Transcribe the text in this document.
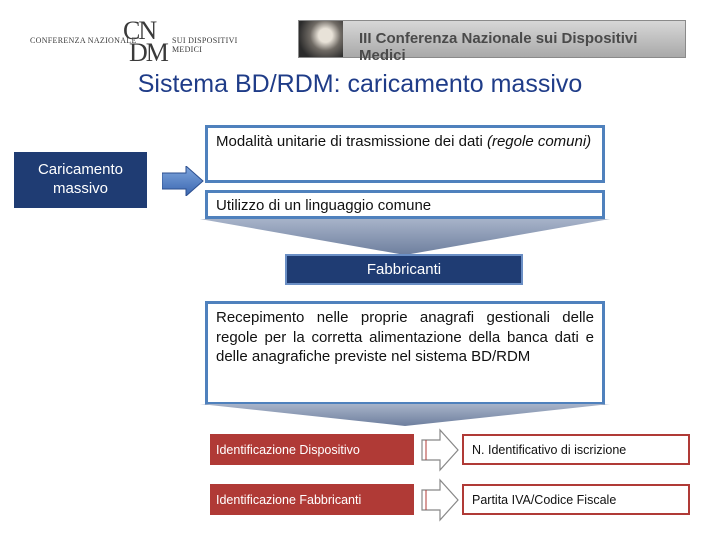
CONFERENZA NAZIONALE
CN
DM SUI DISPOSITIVI MEDICI
III Conferenza Nazionale sui Dispositivi Medici
Sistema BD/RDM: caricamento massivo
Caricamento massivo
Modalità unitarie di trasmissione dei dati (regole comuni)
Utilizzo di un linguaggio comune
Fabbricanti
Recepimento nelle proprie anagrafi gestionali delle regole per la corretta alimentazione della banca dati e delle anagrafiche previste nel sistema BD/RDM
Identificazione Dispositivo	N. Identificativo di iscrizione
Identificazione Fabbricanti	Partita IVA/Codice Fiscale
